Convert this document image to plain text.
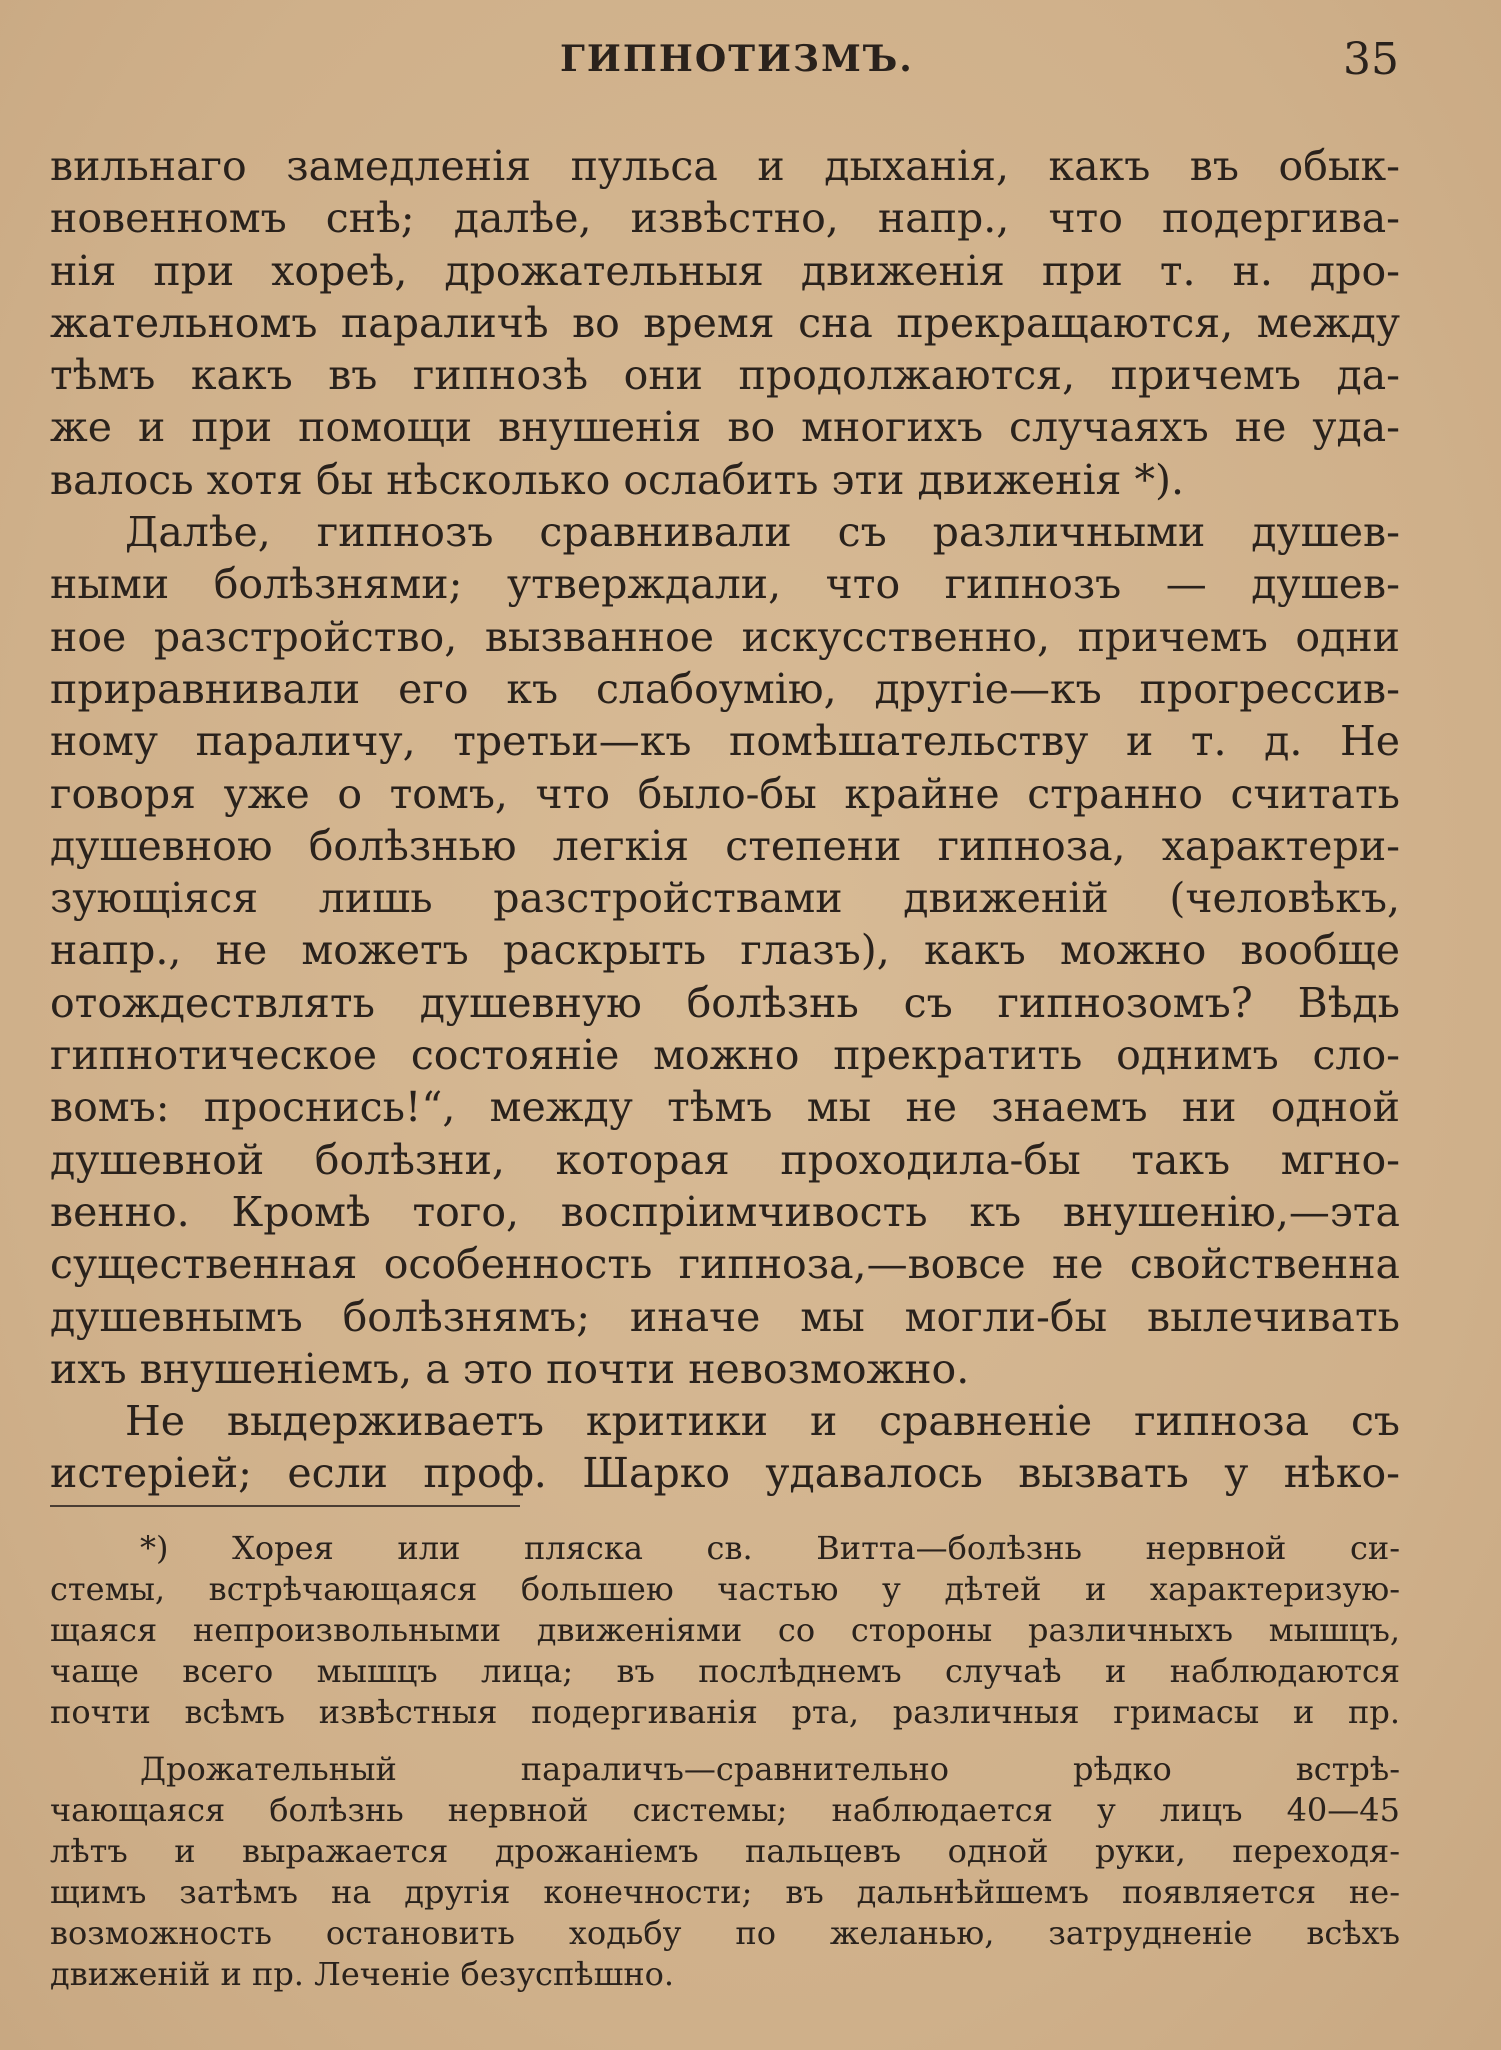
ГИПНОТИЗМЪ.	35
вильнаго замедленія пульса и дыханія, какъ въ обык-
новенномъ снѣ; далѣе, извѣстно, напр., что подергива-
нія при хореѣ, дрожательныя движенія при т. н. дро-
жательномъ параличѣ во время сна прекращаются, между
тѣмъ какъ въ гипнозѣ они продолжаются, причемъ да-
же и при помощи внушенія во многихъ случаяхъ не уда-
валось хотя бы нѣсколько ослабить эти движенія *).
Далѣе, гипнозъ сравнивали съ различными душев-
ными болѣзнями; утверждали, что гипнозъ — душев-
ное разстройство, вызванное искусственно, причемъ одни
приравнивали его къ слабоумію, другіе—къ прогрессив-
ному параличу, третьи—къ помѣшательству и т. д. Не
говоря уже о томъ, что было-бы крайне странно считать
душевною болѣзнью легкія степени гипноза, характери-
зующіяся лишь разстройствами движеній (человѣкъ,
напр., не можетъ раскрыть глазъ), какъ можно вообще
отождествлять душевную болѣзнь съ гипнозомъ? Вѣдь
гипнотическое состояніе можно прекратить однимъ сло-
вомъ: проснись!“, между тѣмъ мы не знаемъ ни одной
душевной болѣзни, которая проходила-бы такъ мгно-
венно. Кромѣ того, воспріимчивость къ внушенію,—эта
существенная особенность гипноза,—вовсе не свойственна
душевнымъ болѣзнямъ; иначе мы могли-бы вылечивать
ихъ внушеніемъ, а это почти невозможно.
Не выдерживаетъ критики и сравненіе гипноза съ
истеріей; если проф. Шарко удавалось вызвать у нѣко-
*) Хорея или пляска св. Витта—болѣзнь нервной си-
стемы, встрѣчающаяся большею частью у дѣтей и характеризую-
щаяся непроизвольными движеніями со стороны различныхъ мышцъ,
чаще всего мышцъ лица; въ послѣднемъ случаѣ и наблюдаются
почти всѣмъ извѣстныя подергиванія рта, различныя гримасы и пр.
Дрожательный параличъ—сравнительно рѣдко встрѣ-
чающаяся болѣзнь нервной системы; наблюдается у лицъ 40—45
лѣтъ и выражается дрожаніемъ пальцевъ одной руки, переходя-
щимъ затѣмъ на другія конечности; въ дальнѣйшемъ появляется не-
возможность остановить ходьбу по желанью, затрудненіе всѣхъ
движеній и пр. Леченіе безуспѣшно.
